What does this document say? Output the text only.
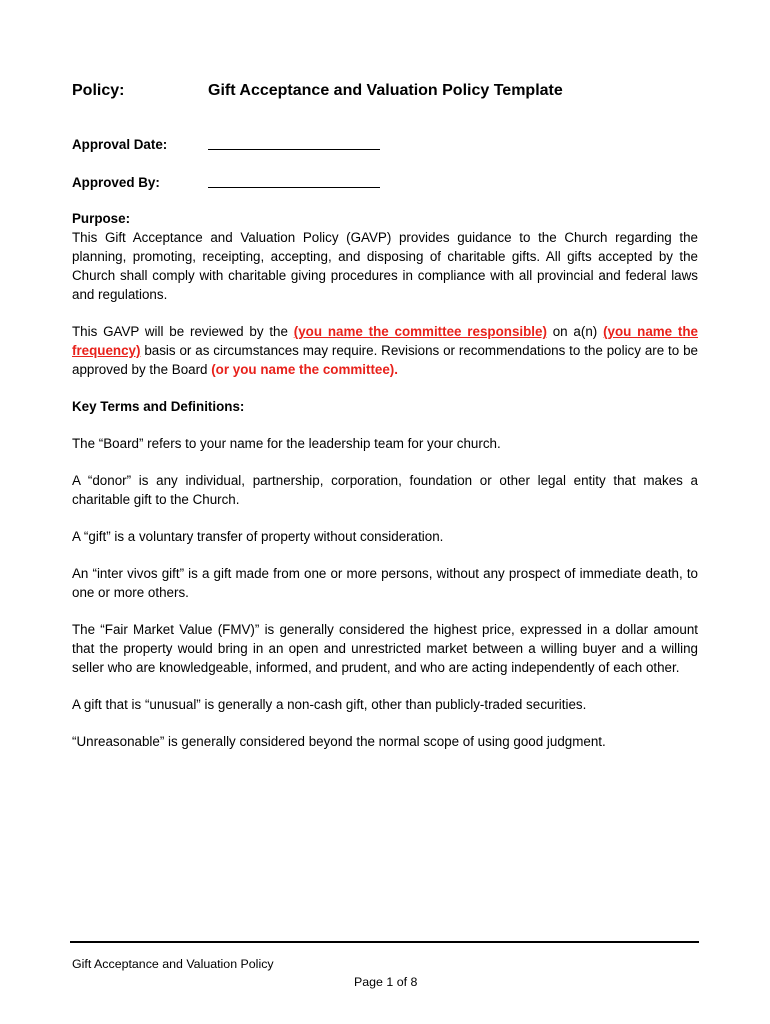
Policy:	Gift Acceptance and Valuation Policy Template
Approval Date:
Approved By:
Purpose:

This Gift Acceptance and Valuation Policy (GAVP) provides guidance to the Church regarding the planning, promoting, receipting, accepting, and disposing of charitable gifts. All gifts accepted by the Church shall comply with charitable giving procedures in compliance with all provincial and federal laws and regulations.

This GAVP will be reviewed by the (you name the committee responsible) on a(n) (you name the frequency) basis or as circumstances may require. Revisions or recommendations to the policy are to be approved by the Board (or you name the committee).

Key Terms and Definitions:

The “Board” refers to your name for the leadership team for your church.

A “donor” is any individual, partnership, corporation, foundation or other legal entity that makes a charitable gift to the Church.

A “gift” is a voluntary transfer of property without consideration.

An “inter vivos gift” is a gift made from one or more persons, without any prospect of immediate death, to one or more others.

The “Fair Market Value (FMV)” is generally considered the highest price, expressed in a dollar amount that the property would bring in an open and unrestricted market between a willing buyer and a willing seller who are knowledgeable, informed, and prudent, and who are acting independently of each other.

A gift that is “unusual” is generally a non-cash gift, other than publicly-traded securities.

“Unreasonable” is generally considered beyond the normal scope of using good judgment.

Gift Acceptance and Valuation Policy
Page 1 of 8
